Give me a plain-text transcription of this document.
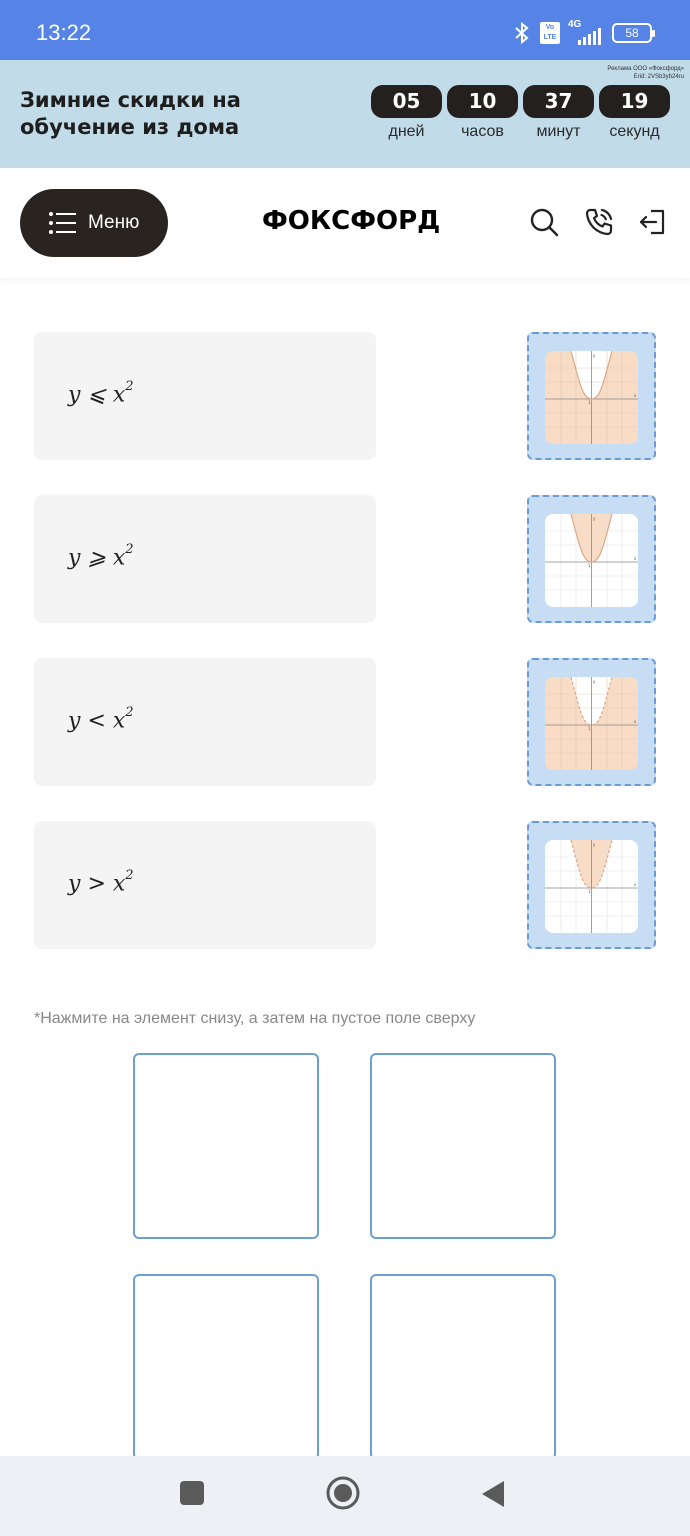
13:22	Vo LTE
4G
58
Реклама ООО «Фоксфорд»
Erid: 2VSb3yb24ru
Зимние скидки на обучение из дома
05
дней
10
часов
37
минут
19
секунд
Меню	ФОКСФОРД
y ⩽ $x^2$
y
x
1
y ⩾ $x^2$
y
x
1
$y < x^2$
y
x
1
$y > x^2$
y
x
1
*Нажмите на элемент снизу, а затем на пустое поле сверху
